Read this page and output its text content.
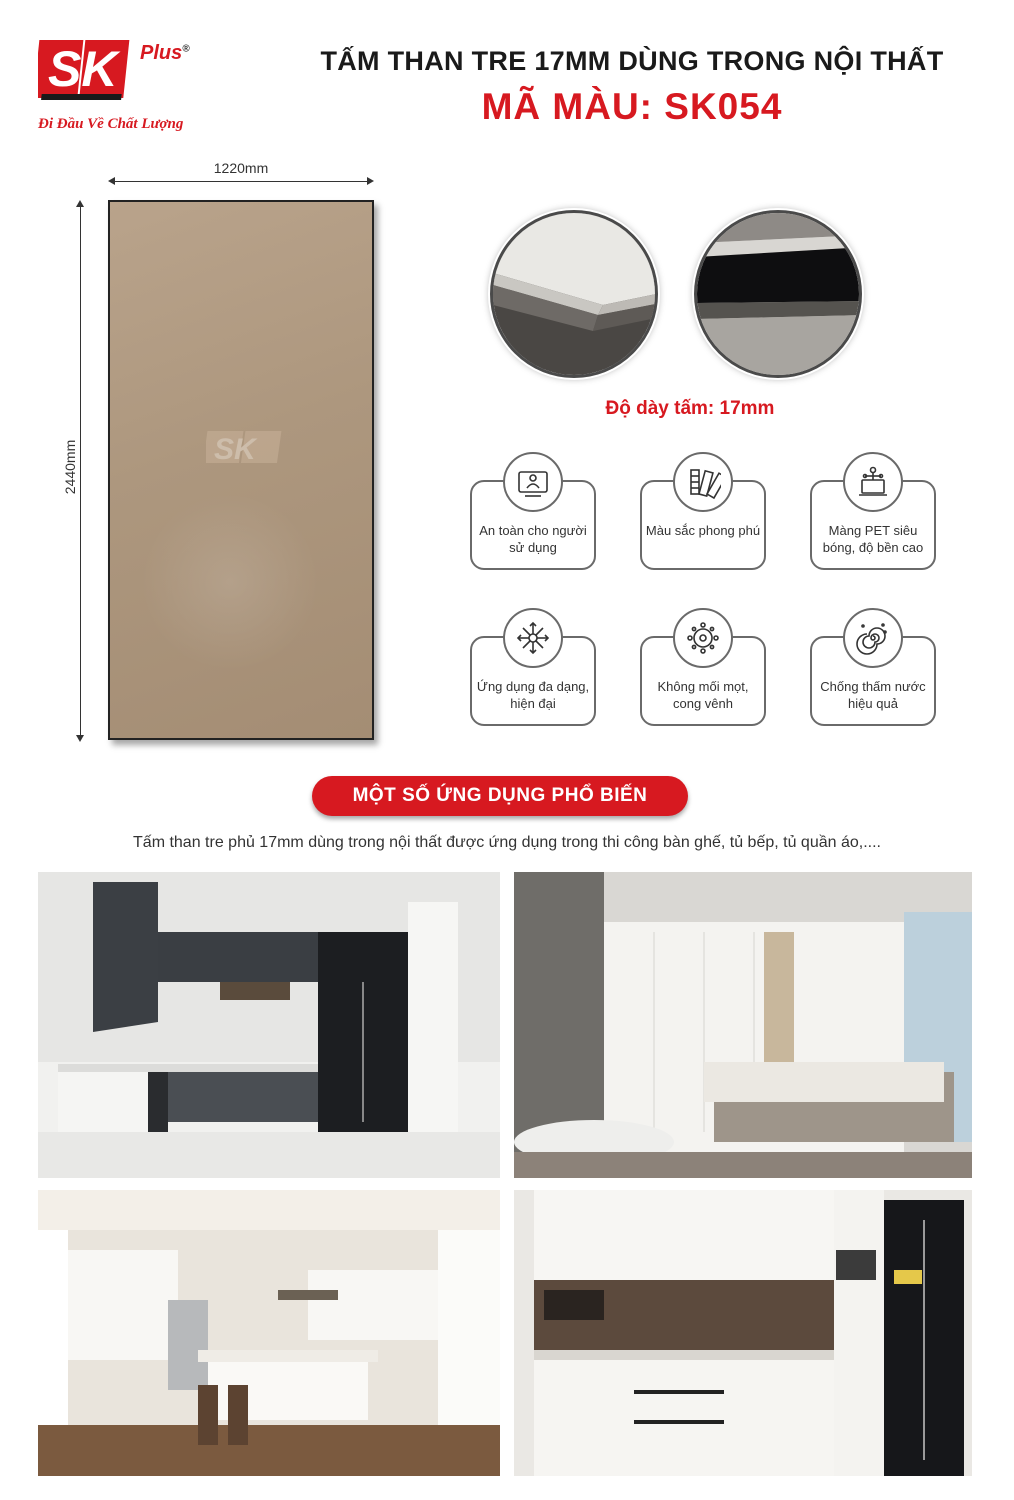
SK Plus®
Đi Đầu Về Chất Lượng
TẤM THAN TRE 17MM DÙNG TRONG NỘI THẤT
MÃ MÀU: SK054
1220mm
2440mm	SK
Độ dày tấm: 17mm
An toàn cho người sử dụng
Màu sắc phong phú	Màng PET siêu bóng, độ bền cao
Ứng dụng đa dạng, hiện đại
Không mối mọt, cong vênh
Chống thấm nước hiệu quả
MỘT SỐ ỨNG DỤNG PHỔ BIẾN
Tấm than tre phủ 17mm dùng trong nội thất được ứng dụng trong thi công bàn ghế, tủ bếp, tủ quần áo,....
